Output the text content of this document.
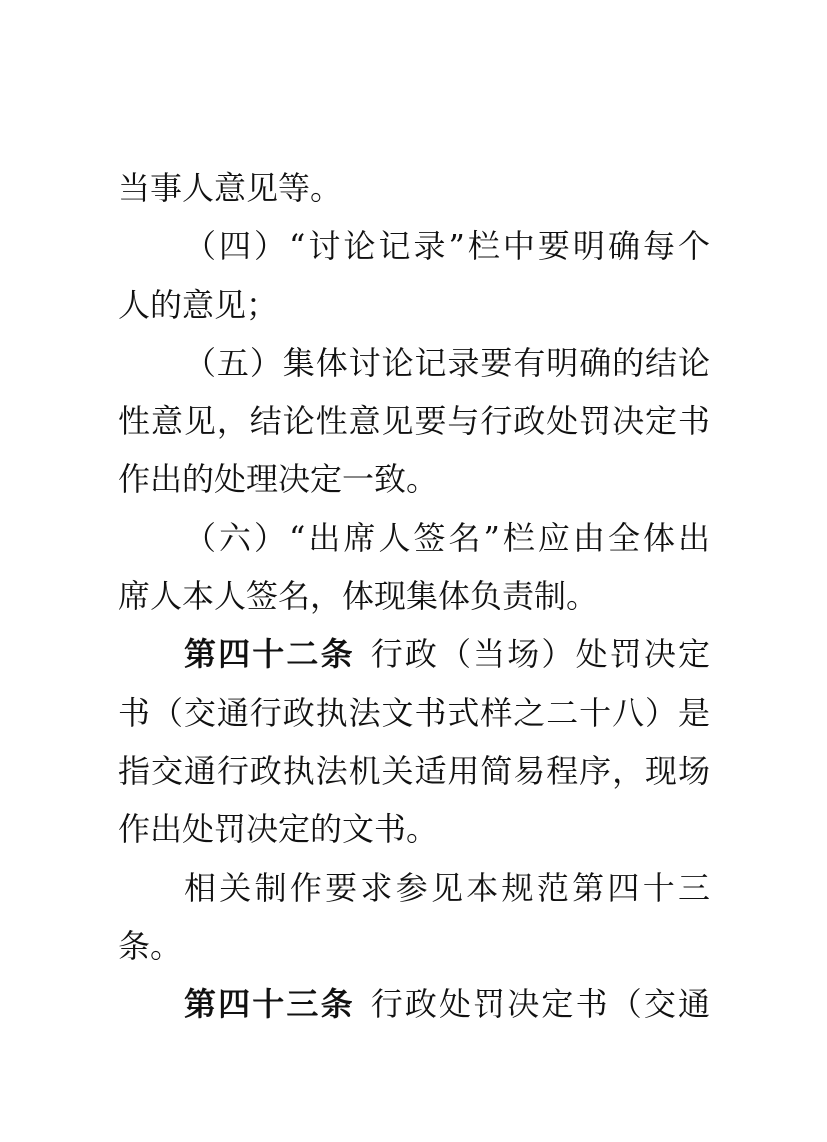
当事人意见等。
（四）“讨论记录”栏中要明确每个
人的意见；
（五）集体讨论记录要有明确的结论
性意见，结论性意见要与行政处罚决定书
作出的处理决定一致。
（六）“出席人签名”栏应由全体出
席人本人签名，体现集体负责制。
第四十二条 行政（当场）处罚决定
书（交通行政执法文书式样之二十八）是
指交通行政执法机关适用简易程序，现场
作出处罚决定的文书。
相关制作要求参见本规范第四十三
条。
第四十三条 行政处罚决定书（交通
